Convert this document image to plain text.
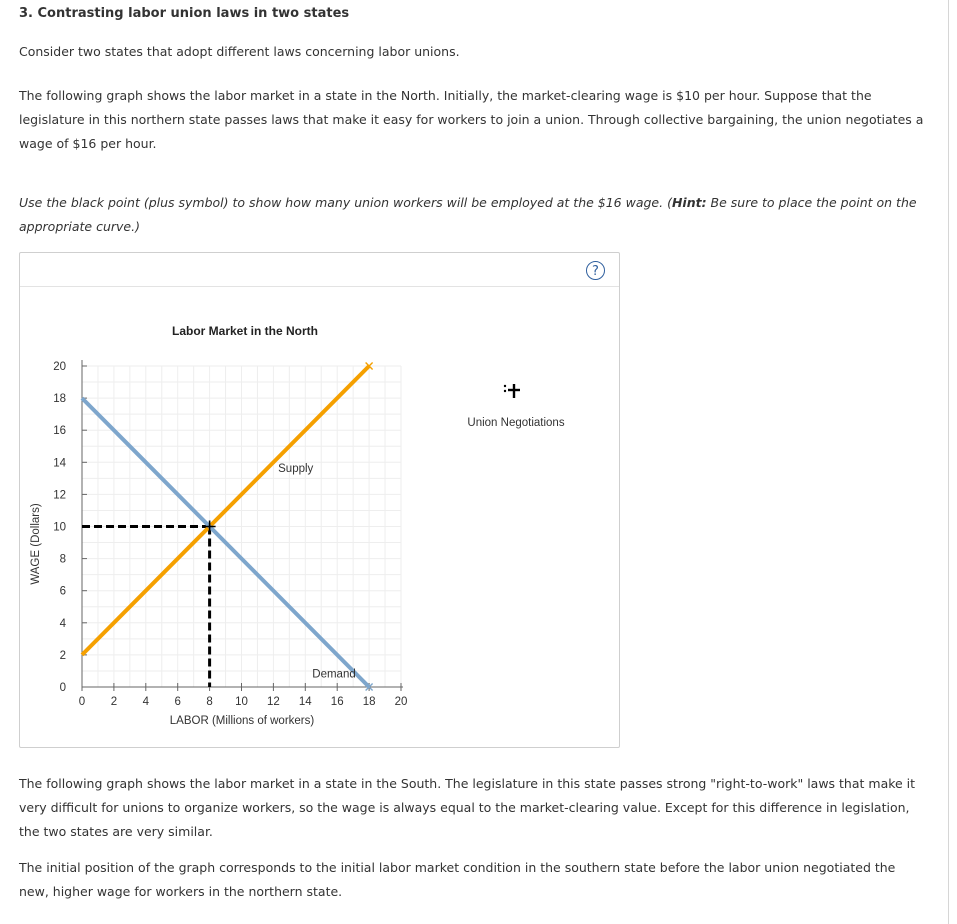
3. Contrasting labor union laws in two states

Consider two states that adopt different laws concerning labor unions.

The following graph shows the labor market in a state in the North. Initially, the market-clearing wage is $10 per hour. Suppose that the legislature in this northern state passes laws that make it easy for workers to join a union. Through collective bargaining, the union negotiates a wage of $16 per hour.

Use the black point (plus symbol) to show how many union workers will be employed at the $16 wage. (Hint: Be sure to place the point on the appropriate curve.)

?
Labor Market in the North
0
2
4
6
8
10
12
14
16
18
20
0 2 4 6 8 10 12 14 16 18 20
Supply
Demand
WAGE (Dollars)
LABOR (Millions of workers)
Union Negotiations

The following graph shows the labor market in a state in the South. The legislature in this state passes strong "right-to-work" laws that make it very difficult for unions to organize workers, so the wage is always equal to the market-clearing value. Except for this difference in legislation, the two states are very similar.

The initial position of the graph corresponds to the initial labor market condition in the southern state before the labor union negotiated the new, higher wage for workers in the northern state.
